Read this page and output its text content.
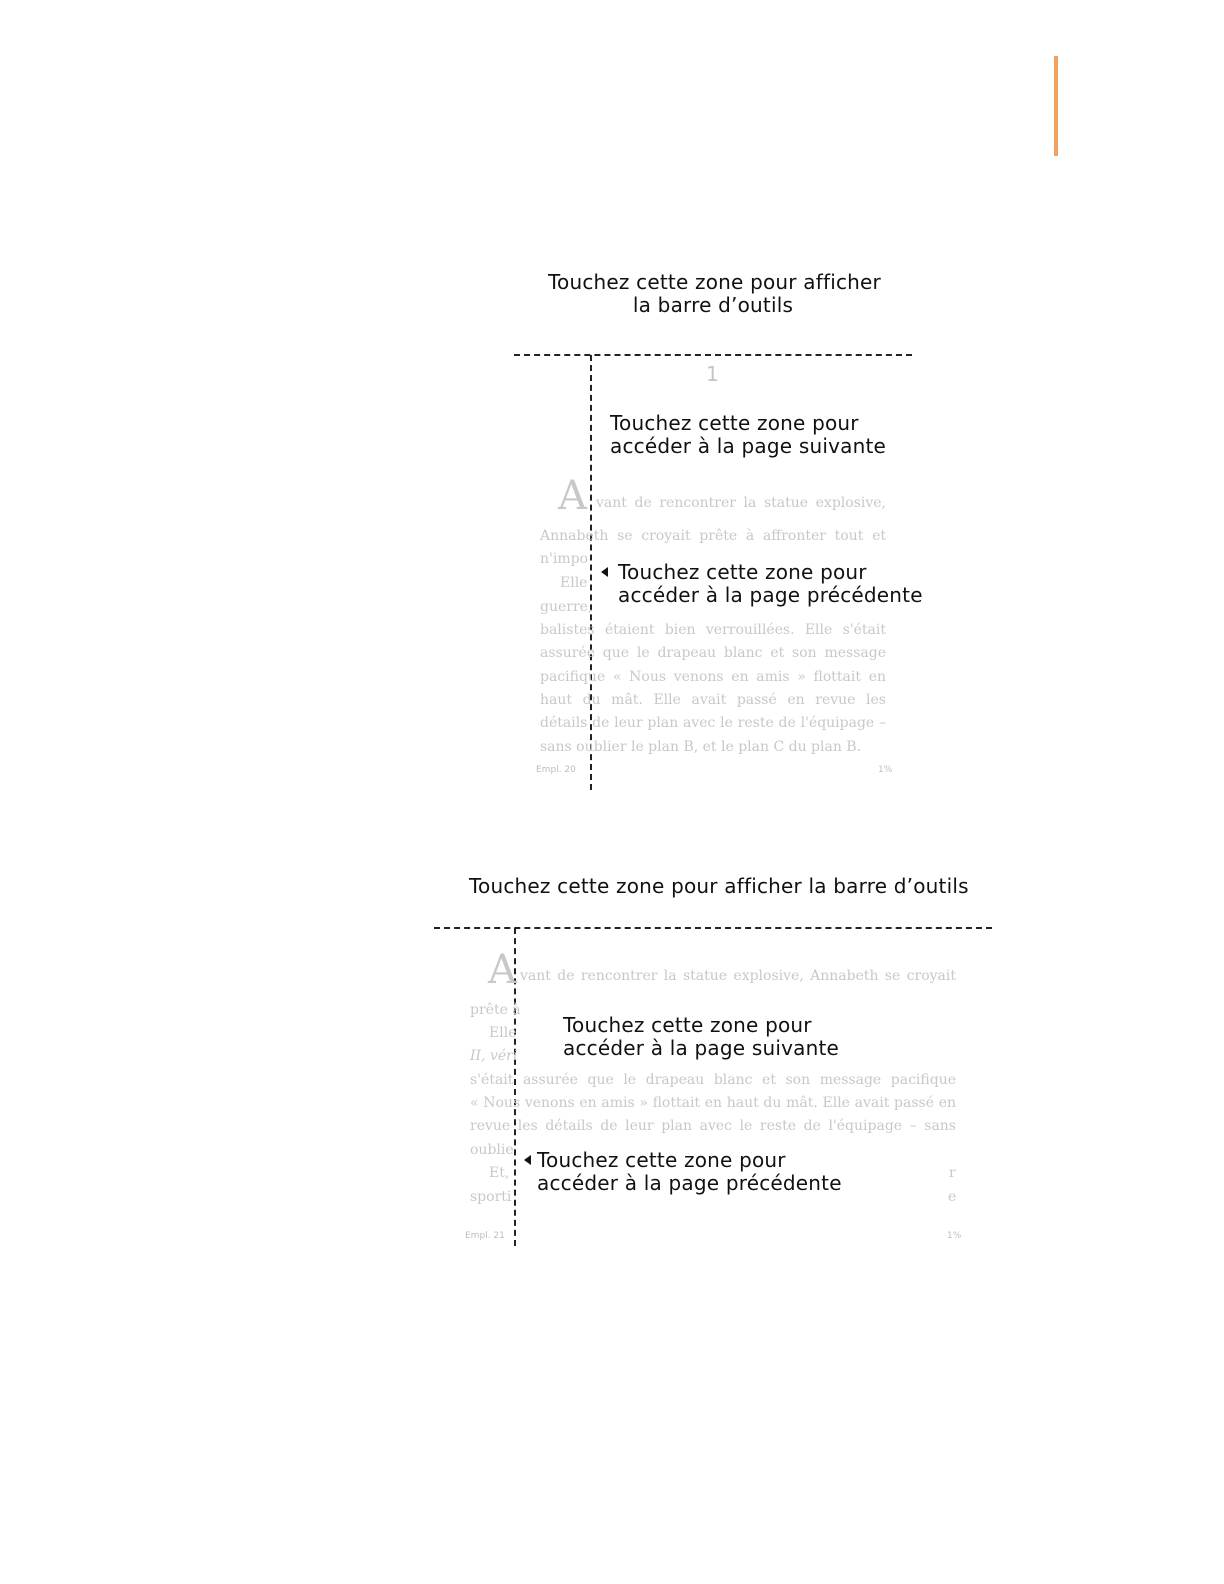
Touchez cette zone pour afficher
la barre d’outils
1
Touchez cette zone pour
accéder à la page suivante
A vant de rencontrer la statue explosive,
Annabeth se croyait prête à affronter tout et
n'impo
Elle
guerre,
balistes étaient bien verrouillées. Elle s'était
assurée que le drapeau blanc et son message
pacifique « Nous venons en amis » flottait en
haut du mât. Elle avait passé en revue les
détails de leur plan avec le reste de l'équipage –
sans oublier le plan B, et le plan C du plan B.
Touchez cette zone pour
accéder à la page précédente
Empl. 20	1%
Touchez cette zone pour afficher la barre d’outils
A vant de rencontrer la statue explosive, Annabeth se croyait
prête à
Elle
II, véri
s'était assurée que le drapeau blanc et son message pacifique
« Nous venons en amis » flottait en haut du mât. Elle avait passé en
revue les détails de leur plan avec le reste de l'équipage – sans
oublie
Et,
sporti
r
e
Touchez cette zone pour
accéder à la page suivante
Touchez cette zone pour
accéder à la page précédente
Empl. 21	1%
